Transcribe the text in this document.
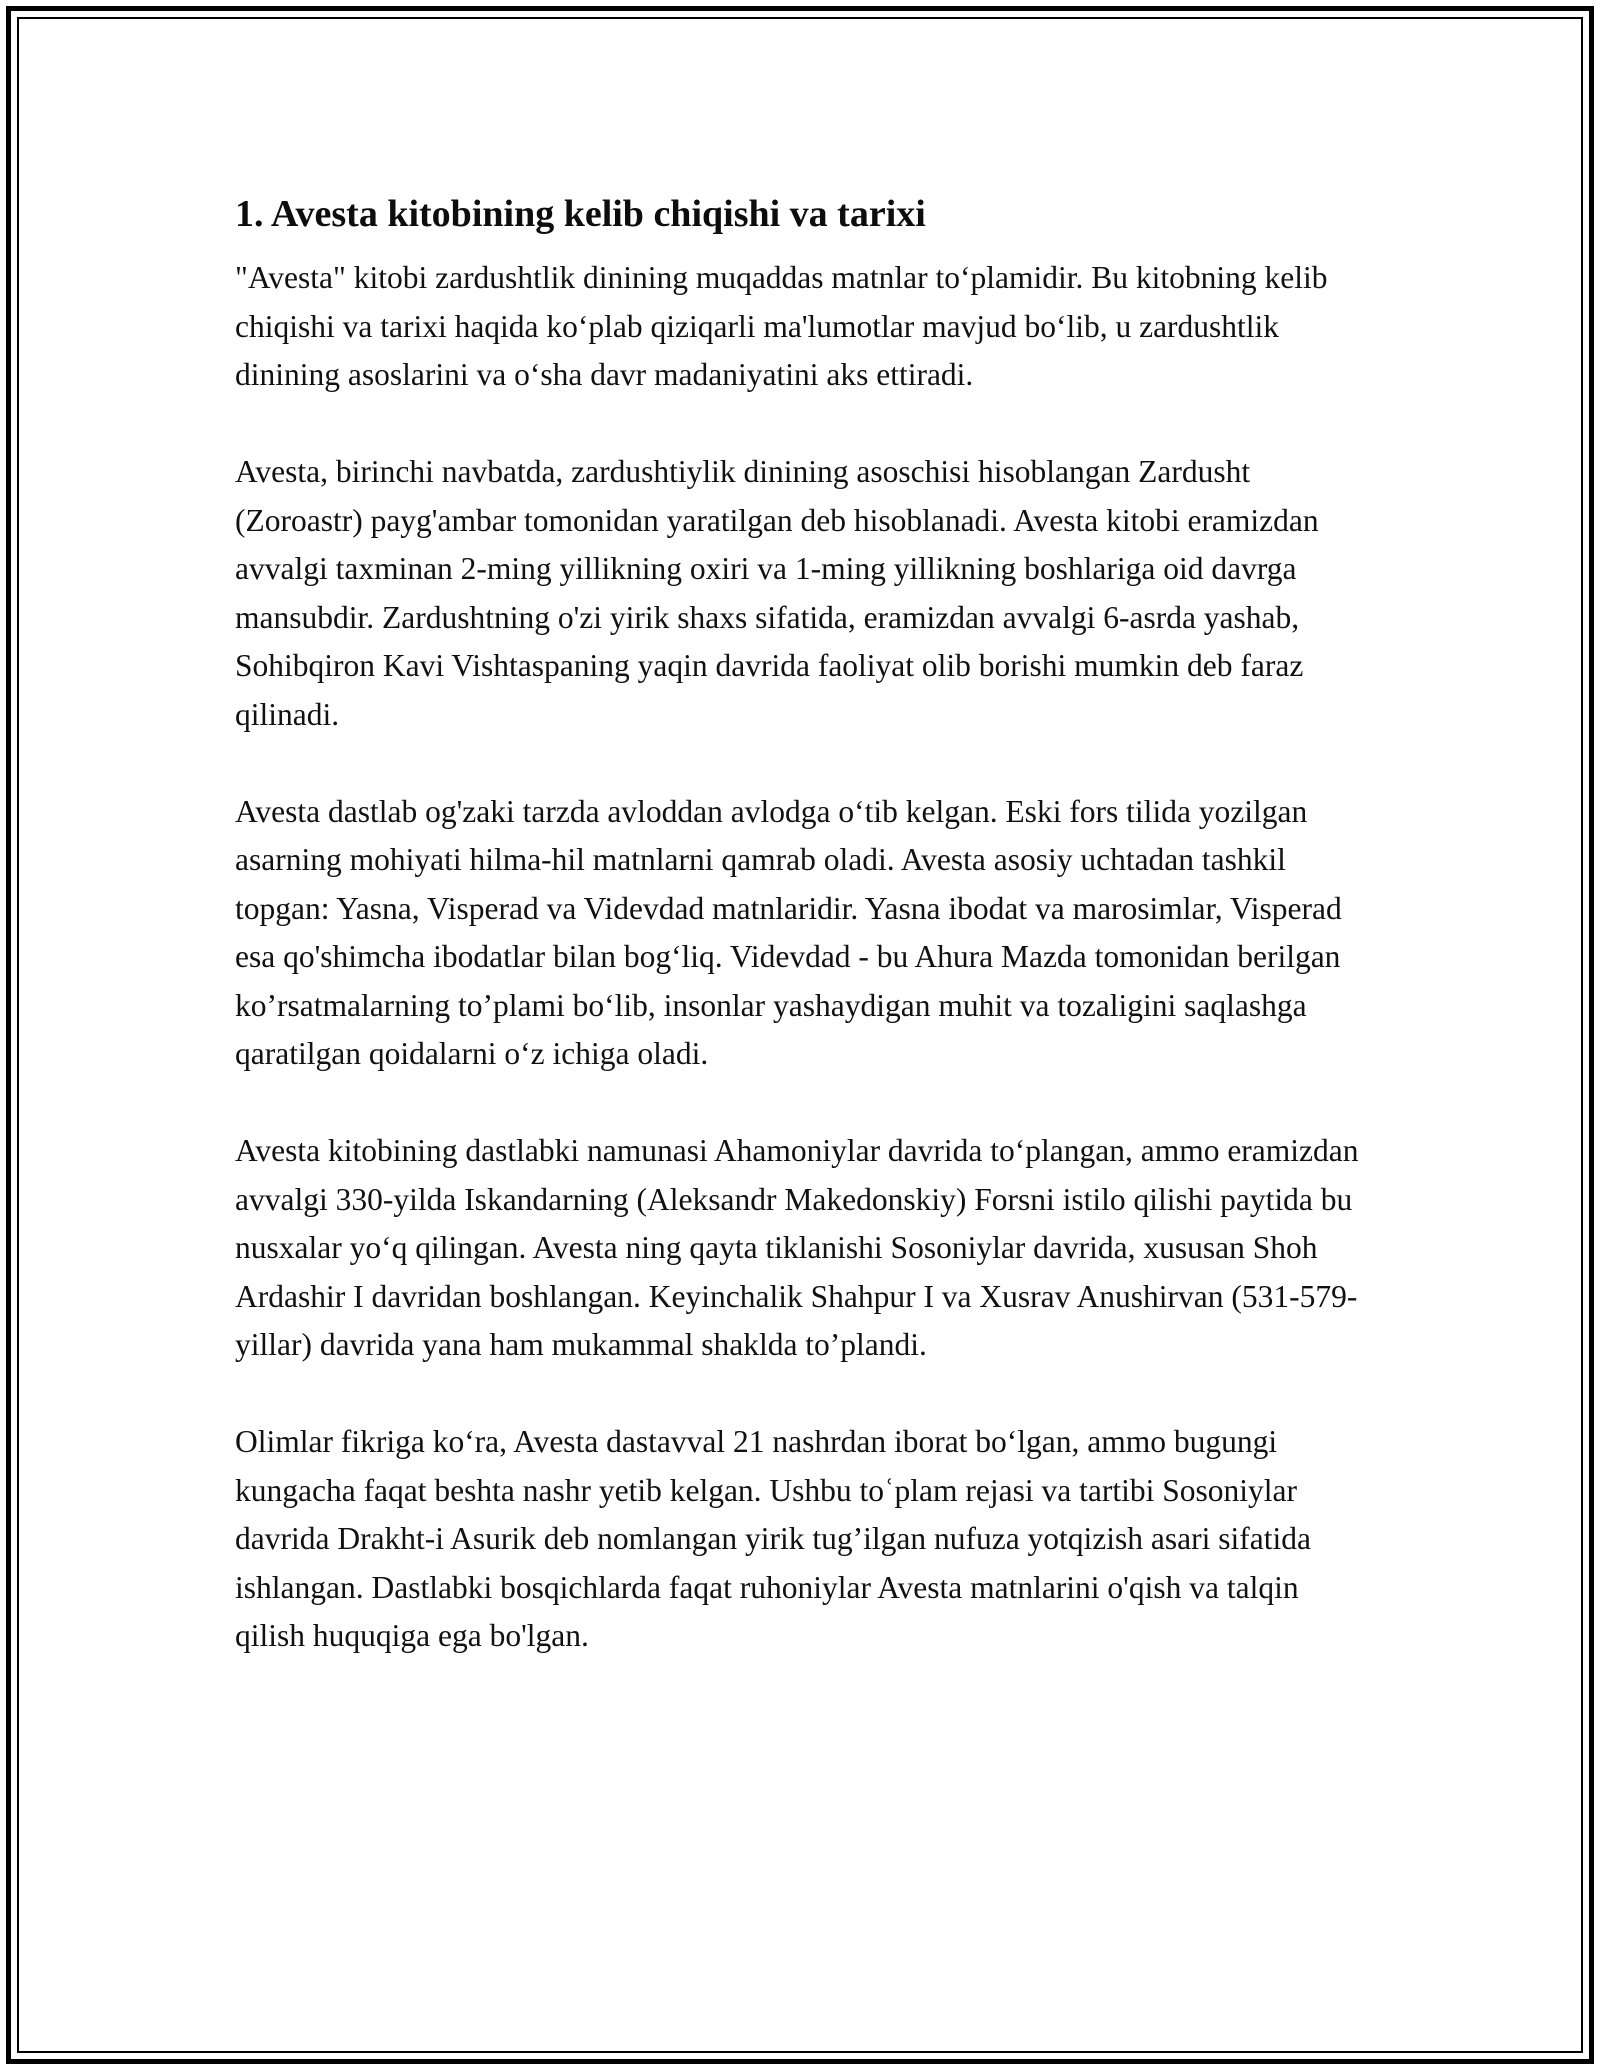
1. Avesta kitobining kelib chiqishi va tarixi

"Avesta" kitobi zardushtlik dinining muqaddas matnlar to‘plamidir. Bu kitobning kelib chiqishi va tarixi haqida ko‘plab qiziqarli ma'lumotlar mavjud bo‘lib, u zardushtlik dinining asoslarini va o‘sha davr madaniyatini aks ettiradi.

Avesta, birinchi navbatda, zardushtiylik dinining asoschisi hisoblangan Zardusht (Zoroastr) payg'ambar tomonidan yaratilgan deb hisoblanadi. Avesta kitobi eramizdan avvalgi taxminan 2-ming yillikning oxiri va 1-ming yillikning boshlariga oid davrga mansubdir. Zardushtning o'zi yirik shaxs sifatida, eramizdan avvalgi 6-asrda yashab, Sohibqiron Kavi Vishtaspaning yaqin davrida faoliyat olib borishi mumkin deb faraz qilinadi.

Avesta dastlab og'zaki tarzda avloddan avlodga o‘tib kelgan. Eski fors tilida yozilgan asarning mohiyati hilma-hil matnlarni qamrab oladi. Avesta asosiy uchtadan tashkil topgan: Yasna, Visperad va Videvdad matnlaridir. Yasna ibodat va marosimlar, Visperad esa qo'shimcha ibodatlar bilan bog‘liq. Videvdad - bu Ahura Mazda tomonidan berilgan ko’rsatmalarning to’plami bo‘lib, insonlar yashaydigan muhit va tozaligini saqlashga qaratilgan qoidalarni o‘z ichiga oladi.

Avesta kitobining dastlabki namunasi Ahamoniylar davrida to‘plangan, ammo eramizdan avvalgi 330-yilda Iskandarning (Aleksandr Makedonskiy) Forsni istilo qilishi paytida bu nusxalar yo‘q qilingan. Avesta ning qayta tiklanishi Sosoniylar davrida, xususan Shoh Ardashir I davridan boshlangan. Keyinchalik Shahpur I va Xusrav Anushirvan (531-579-yillar) davrida yana ham mukammal shaklda to’plandi.

Olimlar fikriga ko‘ra, Avesta dastavval 21 nashrdan iborat bo‘lgan, ammo bugungi kungacha faqat beshta nashr yetib kelgan. Ushbu toʿplam rejasi va tartibi Sosoniylar davrida Drakht-i Asurik deb nomlangan yirik tug’ilgan nufuza yotqizish asari sifatida ishlangan. Dastlabki bosqichlarda faqat ruhoniylar Avesta matnlarini o'qish va talqin qilish huquqiga ega bo'lgan.
